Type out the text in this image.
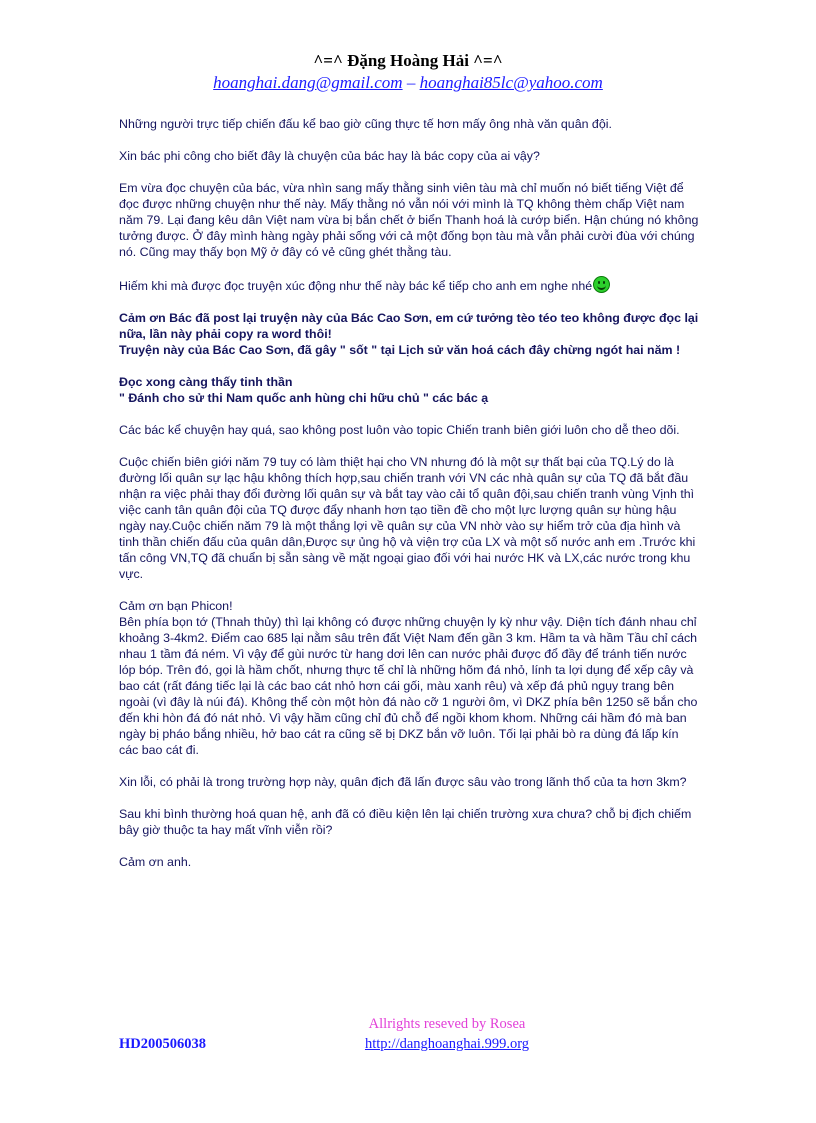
^=^ Đặng Hoàng Hải ^=^
hoanghai.dang@gmail.com – hoanghai85lc@yahoo.com

Những người trực tiếp chiến đấu kể bao giờ cũng thực tế hơn mấy ông nhà văn quân đội.

Xin bác phi công cho biết đây là chuyện của bác hay là bác copy của ai vậy?

Em vừa đọc chuyện của bác, vừa nhìn sang mấy thằng sinh viên tàu mà chỉ muốn nó biết tiếng Việt để đọc được những chuyện như thế này. Mấy thằng nó vẫn nói với mình là TQ không thèm chấp Việt nam năm 79. Lại đang kêu dân Việt nam vừa bị bắn chết ở biển Thanh hoá là cướp biển. Hận chúng nó không tưởng được. Ở đây mình hàng ngày phải sống với cả một đống bọn tàu mà vẫn phải cười đùa với chúng nó. Cũng may thấy bọn Mỹ ở đây có vẻ cũng ghét thằng tàu.

Hiếm khi mà được đọc truyện xúc động như thế này bác kể tiếp cho anh em nghe nhé

Cảm ơn Bác đã post lại truyện này của Bác Cao Sơn, em cứ tưởng tèo téo teo không được đọc lại nữa, lần này phải copy ra word thôi!
Truyện này của Bác Cao Sơn, đã gây " sốt " tại Lịch sử văn hoá cách đây chừng ngót hai năm !

Đọc xong càng thấy tinh thần
" Đánh cho sử thi Nam quốc anh hùng chi hữu chủ " các bác ạ

Các bác kể chuyện hay quá, sao không post luôn vào topic Chiến tranh biên giới luôn cho dễ theo dõi.

Cuộc chiến biên giới năm 79 tuy có làm thiệt hại cho VN nhưng đó là một sự thất bại của TQ.Lý do là đường lối quân sự lạc hậu không thích hợp,sau chiến tranh với VN các nhà quân sự của TQ đã bắt đầu nhận ra việc phải thay đổi đường lối quân sự và bắt tay vào cải tổ quân đội,sau chiến tranh vùng Vịnh thì việc canh tân quân đội của TQ được đẩy nhanh hơn tạo tiền đề cho một lực lượng quân sự hùng hậu ngày nay.Cuộc chiến năm 79 là một thắng lợi về quân sự của VN nhờ vào sự hiểm trở của địa hình và tinh thần chiến đấu của quân dân,Được sự ủng hộ và viện trợ của LX và một số nước anh em .Trước khi tấn công VN,TQ đã chuẩn bị sẵn sàng về mặt ngoại giao đối với hai nước HK và LX,các nước trong khu vực.

Cảm ơn bạn Phicon!
Bên phía bọn tớ (Thnah thủy) thì lại không có được những chuyện ly kỳ như vậy. Diện tích đánh nhau chỉ khoảng 3-4km2. Điểm cao 685 lại nằm sâu trên đất Việt Nam đến gần 3 km. Hầm ta và hầm Tầu chỉ cách nhau 1 tầm đá ném. Vì vậy để gùi nước từ hang dơi lên can nước phải được đổ đầy để tránh tiến nước lóp bóp. Trên đó, gọi là hầm chốt, nhưng thực tế chỉ là những hõm đá nhỏ, lính ta lợi dụng để xếp cây và bao cát (rất đáng tiếc lại là các bao cát nhỏ hơn cái gối, màu xanh rêu) và xếp đá phủ ngụy trang bên ngoài (vì đây là núi đá). Không thể còn một hòn đá nào cỡ 1 người ôm, vì DKZ phía bên 1250 sẽ bắn cho đến khi hòn đá đó nát nhỏ. Vì vậy hầm cũng chỉ đủ chỗ để ngồi khom khom. Những cái hầm đó mà ban ngày bị pháo bắng nhiều, hở bao cát ra cũng sẽ bị DKZ bắn vỡ luôn. Tối lại phải bò ra dùng đá lấp kín các bao cát đi.

Xin lỗi, có phải là trong trường hợp này, quân địch đã lấn được sâu vào trong lãnh thổ của ta hơn 3km?

Sau khi bình thường hoá quan hệ, anh đã có điều kiện lên lại chiến trường xưa chưa? chỗ bị địch chiếm bây giờ thuộc ta hay mất vĩnh viễn rồi?

Cảm ơn anh.

HD200506038
Allrights reseved by Rosea
http://danghoanghai.999.org
